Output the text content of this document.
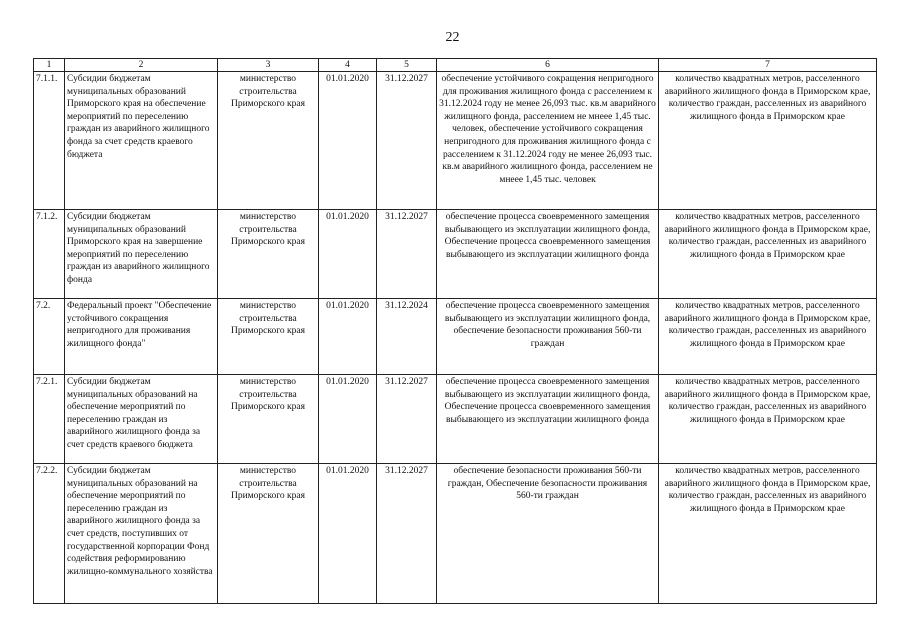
22
1	2	3	4	5	6	7
7.1.1.	Субсидии бюджетам муниципальных образований Приморского края на обеспечение мероприятий по переселению граждан из аварийного жилищного фонда за счет средств краевого бюджета	министерство строительства Приморского края	01.01.2020	31.12.2027	обеспечение устойчивого сокращения непригодного для проживания жилищного фонда с расселением к 31.12.2024 году не менее 26,093 тыс. кв.м аварийного жилищного фонда, расселением не мнеее 1,45 тыс. человек, обеспечение устойчивого сокращения непригодного для проживания жилищного фонда с расселением к 31.12.2024 году не менее 26,093 тыс. кв.м аварийного жилищного фонда, расселением не мнеее 1,45 тыс. человек	количество квадратных метров, расселенного аварийного жилищного фонда в Приморском крае, количество граждан, расселенных из аварийного жилищного фонда в Приморском крае
7.1.2.	Субсидии бюджетам муниципальных образований Приморского края на завершение мероприятий по переселению граждан из аварийного жилищного фонда	министерство строительства Приморского края	01.01.2020	31.12.2027	обеспечение процесса своевременного замещения выбывающего из эксплуатации жилищного фонда, Обеспечение процесса своевременного замещения выбывающего из эксплуатации жилищного фонда	количество квадратных метров, расселенного аварийного жилищного фонда в Приморском крае, количество граждан, расселенных из аварийного жилищного фонда в Приморском крае
7.2.	Федеральный проект "Обеспечение устойчивого сокращения непригодного для проживания жилищного фонда"	министерство строительства Приморского края	01.01.2020	31.12.2024	обеспечение процесса своевременного замещения выбывающего из эксплуатации жилищного фонда, обеспечение безопасности проживания 560-ти граждан	количество квадратных метров, расселенного аварийного жилищного фонда в Приморском крае, количество граждан, расселенных из аварийного жилищного фонда в Приморском крае
7.2.1.	Субсидии бюджетам муниципальных образований на обеспечение мероприятий по переселению граждан из аварийного жилищного фонда за счет средств краевого бюджета	министерство строительства Приморского края	01.01.2020	31.12.2027	обеспечение процесса своевременного замещения выбывающего из эксплуатации жилищного фонда, Обеспечение процесса своевременного замещения выбывающего из эксплуатации жилищного фонда	количество квадратных метров, расселенного аварийного жилищного фонда в Приморском крае, количество граждан, расселенных из аварийного жилищного фонда в Приморском крае
7.2.2.	Субсидии бюджетам муниципальных образований на обеспечение мероприятий по переселению граждан из аварийного жилищного фонда за счет средств, поступивших от государственной корпорации Фонд содействия реформированию жилищно-коммунального хозяйства	министерство строительства Приморского края	01.01.2020	31.12.2027	обеспечение безопасности проживания 560-ти граждан, Обеспечение безопасности проживания 560-ти граждан	количество квадратных метров, расселенного аварийного жилищного фонда в Приморском крае, количество граждан, расселенных из аварийного жилищного фонда в Приморском крае
